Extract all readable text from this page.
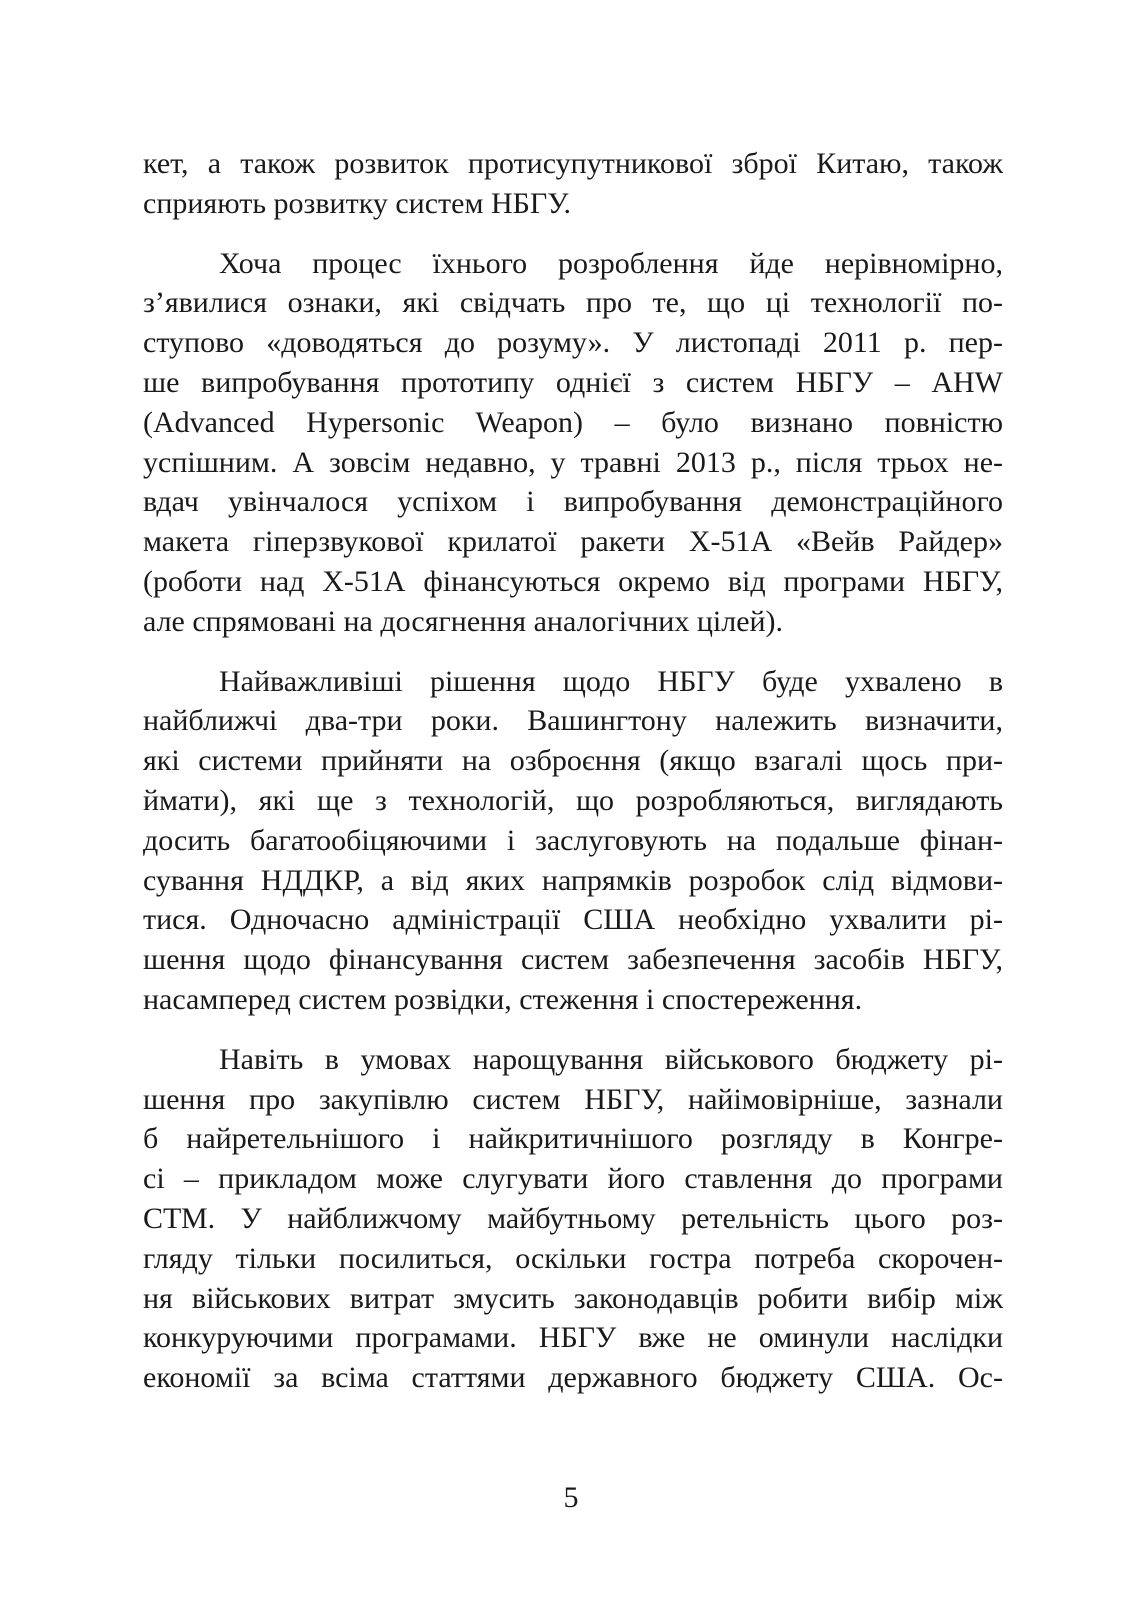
кет, а також розвиток протисупутникової зброї Китаю, також
сприяють розвитку систем НБГУ.

Хоча процес їхнього розроблення йде нерівномірно,
з’явилися ознаки, які свідчать про те, що ці технології по-
ступово «доводяться до розуму». У листопаді 2011 р. пер-
ше випробування прототипу однієї з систем НБГУ – AHW
(Advanced Hypersonic Weapon) – було визнано повністю
успішним. А зовсім недавно, у травні 2013 р., після трьох не-
вдач увінчалося успіхом і випробування демонстраційного
макета гіперзвукової крилатої ракети Х-51А «Вейв Райдер»
(роботи над Х-51А фінансуються окремо від програми НБГУ,
але спрямовані на досягнення аналогічних цілей).

Найважливіші рішення щодо НБГУ буде ухвалено в
найближчі два-три роки. Вашингтону належить визначити,
які системи прийняти на озброєння (якщо взагалі щось при-
ймати), які ще з технологій, що розробляються, виглядають
досить багатообіцяючими і заслуговують на подальше фінан-
сування НДДКР, а від яких напрямків розробок слід відмови-
тися. Одночасно адміністрації США необхідно ухвалити рі-
шення щодо фінансування систем забезпечення засобів НБГУ,
насамперед систем розвідки, стеження і спостереження.

Навіть в умовах нарощування військового бюджету рі-
шення про закупівлю систем НБГУ, найімовірніше, зазнали
б найретельнішого і найкритичнішого розгляду в Конгре-
сі – прикладом може слугувати його ставлення до програми
СТМ. У найближчому майбутньому ретельність цього роз-
гляду тільки посилиться, оскільки гостра потреба скорочен-
ня військових витрат змусить законодавців робити вибір між
конкуруючими програмами. НБГУ вже не оминули наслідки
економії за всіма статтями державного бюджету США. Ос-

5
